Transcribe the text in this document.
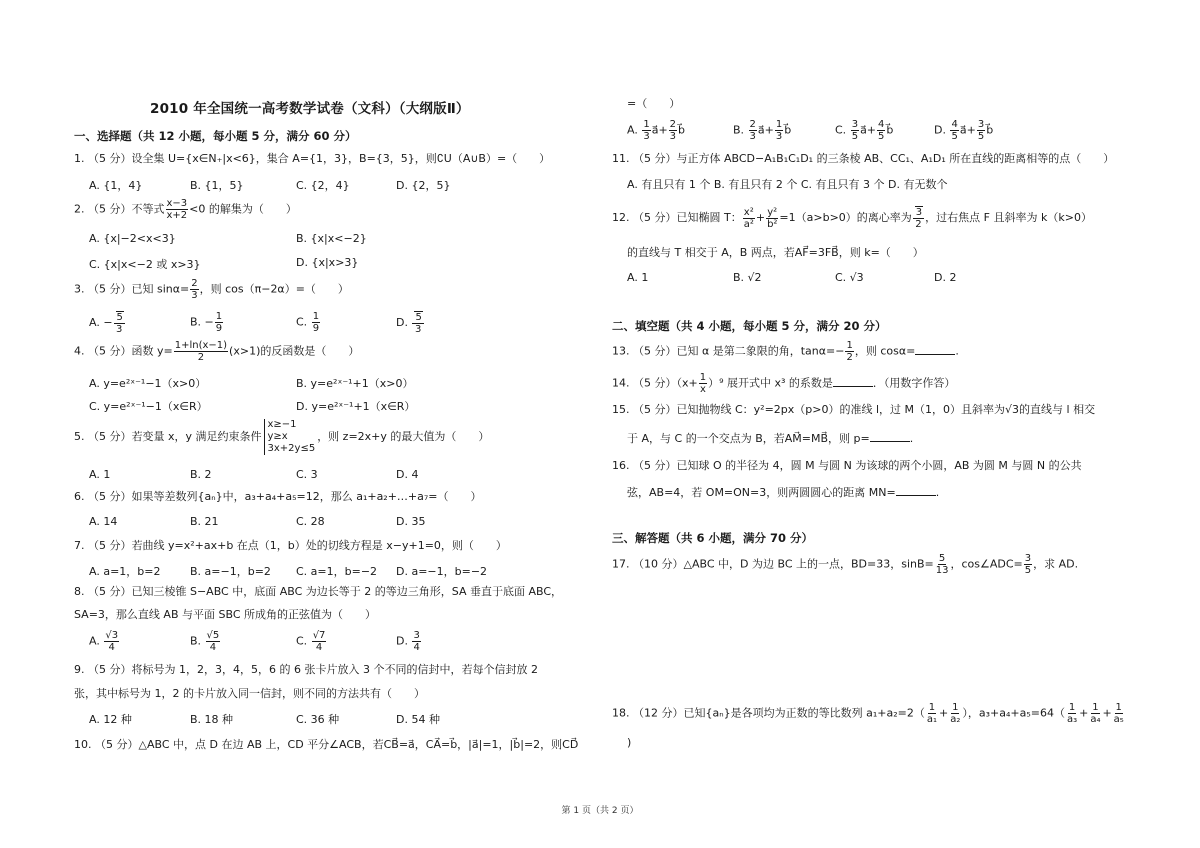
2010 年全国统一高考数学试卷（文科）（大纲版Ⅱ）
一、选择题（共 12 小题，每小题 5 分，满分 60 分）
1. （5 分）设全集 U={x∈N₊|x<6}，集合 A={1，3}，B={3，5}，则∁U（A∪B）=（　　）
A. {1，4}	B. {1，5}	C. {2，4}	D. {2，5}
2. （5 分）不等式 $\frac{x-3}{x+2} <0$ 的解集为（　　）
A. {x|−2<x<3}	B. {x|x<−2}
C. {x|x<−2 或 x>3}	D. {x|x>3}
3. （5 分）已知 $\sin\alpha= \frac{2}{3}$ ，则 cos（π−2α）=（　　）
A. − $\frac{5}{3}$	B. − $\frac{1}{9}$	C. $\frac{1}{9}$	D. $\frac{5}{3}$
4. （5 分）函数 $y= \frac{1+\ln(x-1)}{2} (x>1)$的反函数是（　　）
A. y=e²ˣ⁻¹−1（x>0）	B. y=e²ˣ⁻¹+1（x>0）
C. y=e²ˣ⁻¹−1（x∈R）	D. y=e²ˣ⁻¹+1（x∈R）
5. （5 分）若变量 x，y 满足约束条件x≥−1
y≥x
3x+2y≤5，则 z=2x+y 的最大值为（　　）
A. 1	B. 2	C. 3	D. 4
6. （5 分）如果等差数列{aₙ}中，a₃+a₄+a₅=12，那么 a₁+a₂+…+a₇=（　　）
A. 14	B. 21	C. 28	D. 35
7. （5 分）若曲线 y=x²+ax+b 在点（1，b）处的切线方程是 x−y+1=0，则（　　）
A. a=1，b=2	B. a=−1，b=2 C. a=1，b=−2 D. a=−1，b=−2
8. （5 分）已知三棱锥 S−ABC 中，底面 ABC 为边长等于 2 的等边三角形，SA 垂直于底面 ABC，
SA=3，那么直线 AB 与平面 SBC 所成角的正弦值为（　　）
A. $\frac{√3}{4}$	B. $\frac{√5}{4}$	C. $\frac{√7}{4}$	D. $\frac{3}{4}$
9. （5 分）将标号为 1，2，3，4，5，6 的 6 张卡片放入 3 个不同的信封中，若每个信封放 2
张，其中标号为 1，2 的卡片放入同一信封，则不同的方法共有（　　）
A. 12 种	B. 18 种	C. 36 种	D. 54 种
10. （5 分）△ABC 中，点 D 在边 AB 上，CD 平分∠ACB，若CB⃗=a⃗，CA⃗=b⃗，|a⃗|=1，|b⃗|=2，则CD⃗
=（　　）
A. $\frac{1}{3}$ a⃗+ $\frac{2}{3}$ b⃗	B. $\frac{2}{3}$ a⃗+ $\frac{1}{3}$ b⃗	C. $\frac{3}{5}$ a⃗+ $\frac{4}{5}$ b⃗	D. $\frac{4}{5}$ a⃗+ $\frac{3}{5}$ b⃗
11. （5 分）与正方体 ABCD−A₁B₁C₁D₁ 的三条棱 AB、CC₁、A₁D₁ 所在直线的距离相等的点（　　）
A. 有且只有 1 个 B. 有且只有 2 个 C. 有且只有 3 个 D. 有无数个
12. （5 分）已知椭圆 T： $\frac{\text{x²}}{\text{a²}} + \frac{\text{y²}}{\text{b²}} =1(a>b>0)$的离心率为 $\frac{3}{2}$ ，过右焦点 F 且斜率为 k（k>0）
的直线与 T 相交于 A，B 两点，若AF⃗=3FB⃗，则 k=（　　）
A. 1	B. √2	C. √3	D. 2
二、填空题（共 4 小题，每小题 5 分，满分 20 分）
13. （5 分）已知 α 是第二象限的角，$\tan\alpha=- \frac{1}{2}$ ，则 cosα=	.
14. （5 分）$(x+ \frac{1}{x} )^9$ 展开式中 x³ 的系数是	．（用数字作答）
15. （5 分）已知抛物线 C：y²=2px（p>0）的准线 l，过 M（1，0）且斜率为√3的直线与 l 相交
于 A，与 C 的一个交点为 B，若AM⃗=MB⃗，则 p=	.
16. （5 分）已知球 O 的半径为 4，圆 M 与圆 N 为该球的两个小圆，AB 为圆 M 与圆 N 的公共
弦，AB=4，若 OM=ON=3，则两圆圆心的距离 MN=	.
三、解答题（共 6 小题，满分 70 分）
17. （10 分）△ABC 中，D 为边 BC 上的一点，BD=33，$\sin B= \frac{5}{13}$ ，cos∠ADC= $\frac{3}{5}$ ，求 AD.
18. （12 分）已知{aₙ}是各项均为正数的等比数列 $a_1+a_2=2( \frac{1}{\text{a₁}} + \frac{1}{\text{a₂}}$ ），$a_3+a_4+a_5=64( \frac{1}{\text{a₃}} + \frac{1}{\text{a₄}} + \frac{1}{\text{a₅}}$
)
第 1 页（共 2 页）
